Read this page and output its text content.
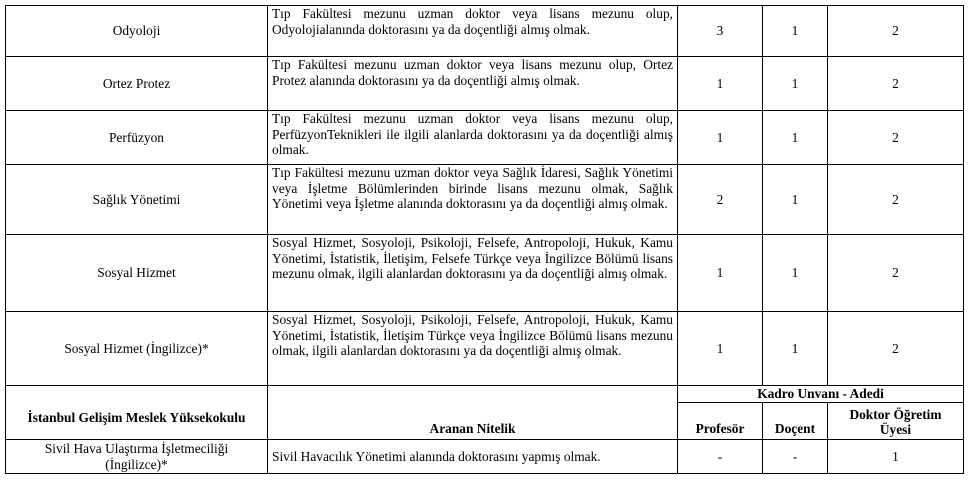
Odyoloji	Tıp Fakültesi mezunu uzman doktor veya lisans mezunu olup, Odyolojialanında doktorasını ya da doçentliği almış olmak.	3	1	2
Ortez Protez	Tıp Fakültesi mezunu uzman doktor veya lisans mezunu olup, Ortez Protez alanında doktorasını ya da doçentliği almış olmak.	1	1	2
Perfüzyon	Tıp Fakültesi mezunu uzman doktor veya lisans mezunu olup, PerfüzyonTeknikleri ile ilgili alanlarda doktorasını ya da doçentliği almış olmak.	1	1	2
Sağlık Yönetimi	Tıp Fakültesi mezunu uzman doktor veya Sağlık İdaresi, Sağlık Yönetimi veya İşletme Bölümlerinden birinde lisans mezunu olmak, Sağlık Yönetimi veya İşletme alanında doktorasını ya da doçentliği almış olmak.	2	1	2
Sosyal Hizmet	Sosyal Hizmet, Sosyoloji, Psikoloji, Felsefe, Antropoloji, Hukuk, Kamu Yönetimi, İstatistik, İletişim, Felsefe Türkçe veya İngilizce Bölümü lisans mezunu olmak, ilgili alanlardan doktorasını ya da doçentliği almış olmak.	1	1	2
Sosyal Hizmet (İngilizce)*	Sosyal Hizmet, Sosyoloji, Psikoloji, Felsefe, Antropoloji, Hukuk, Kamu Yönetimi, İstatistik, İletişim Türkçe veya İngilizce Bölümü lisans mezunu olmak, ilgili alanlardan doktorasını ya da doçentliği almış olmak.	1	1	2
İstanbul Gelişim Meslek Yüksekokulu	Aranan Nitelik	Kadro Unvanı - Adedi		
		Profesör	Doçent	Doktor Öğretim Üyesi
Sivil Hava Ulaştırma İşletmeciliği (İngilizce)*	Sivil Havacılık Yönetimi alanında doktorasını yapmış olmak.	-	-	1
